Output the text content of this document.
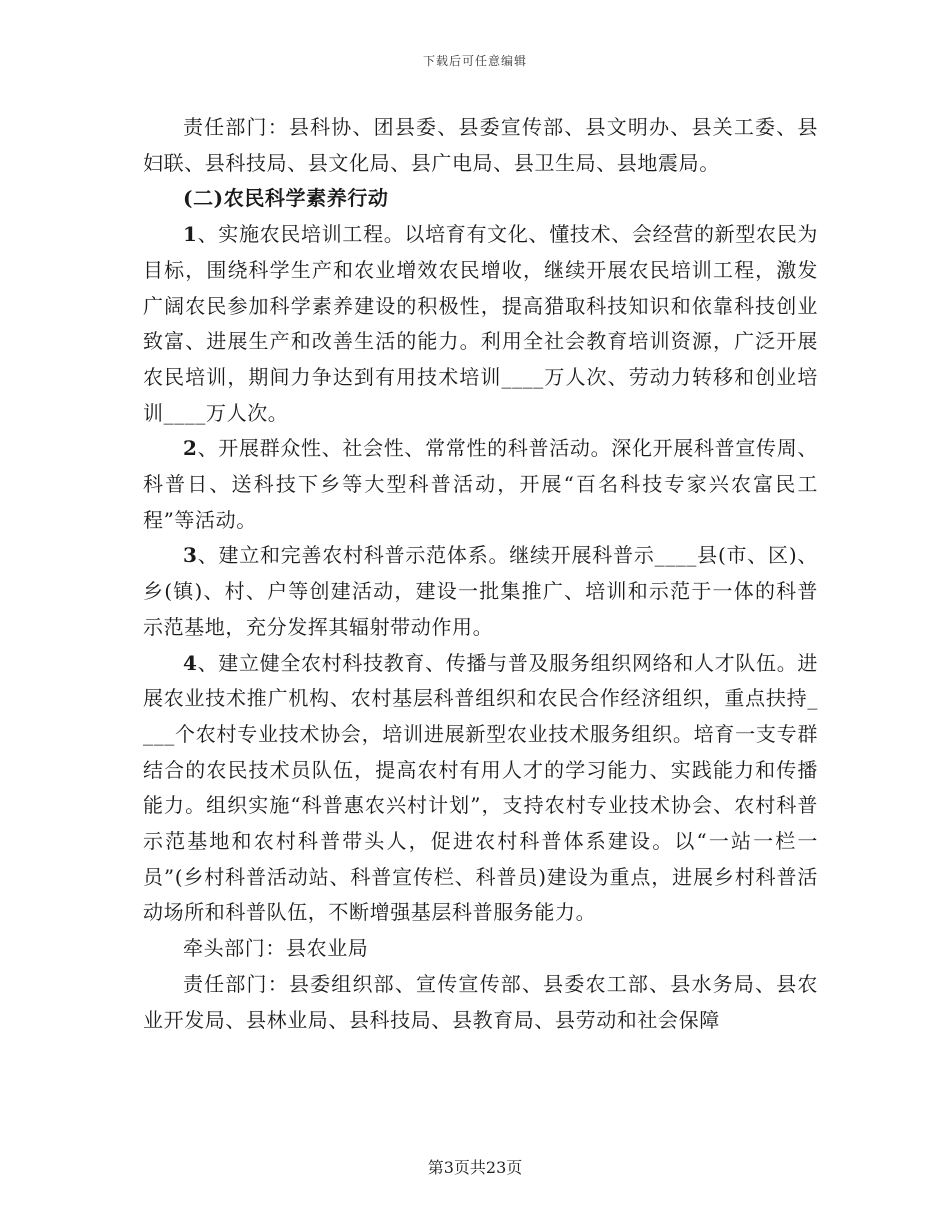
下载后可任意编辑

责任部门：县科协、团县委、县委宣传部、县文明办、县关工委、县妇联、县科技局、县文化局、县广电局、县卫生局、县地震局。

(二)农民科学素养行动

1、实施农民培训工程。以培育有文化、懂技术、会经营的新型农民为目标，围绕科学生产和农业增效农民增收，继续开展农民培训工程，激发广阔农民参加科学素养建设的积极性，提高猎取科技知识和依靠科技创业致富、进展生产和改善生活的能力。利用全社会教育培训资源，广泛开展农民培训，期间力争达到有用技术培训____万人次、劳动力转移和创业培训____万人次。

2、开展群众性、社会性、常常性的科普活动。深化开展科普宣传周、科普日、送科技下乡等大型科普活动，开展“百名科技专家兴农富民工程”等活动。

3、建立和完善农村科普示范体系。继续开展科普示____县(市、区)、乡(镇)、村、户等创建活动，建设一批集推广、培训和示范于一体的科普示范基地，充分发挥其辐射带动作用。

4、建立健全农村科技教育、传播与普及服务组织网络和人才队伍。进展农业技术推广机构、农村基层科普组织和农民合作经济组织，重点扶持____个农村专业技术协会，培训进展新型农业技术服务组织。培育一支专群结合的农民技术员队伍，提高农村有用人才的学习能力、实践能力和传播能力。组织实施“科普惠农兴村计划”，支持农村专业技术协会、农村科普示范基地和农村科普带头人，促进农村科普体系建设。以“一站一栏一员”(乡村科普活动站、科普宣传栏、科普员)建设为重点，进展乡村科普活动场所和科普队伍，不断增强基层科普服务能力。

牵头部门：县农业局

责任部门：县委组织部、宣传宣传部、县委农工部、县水务局、县农业开发局、县林业局、县科技局、县教育局、县劳动和社会保障

第3页共23页
